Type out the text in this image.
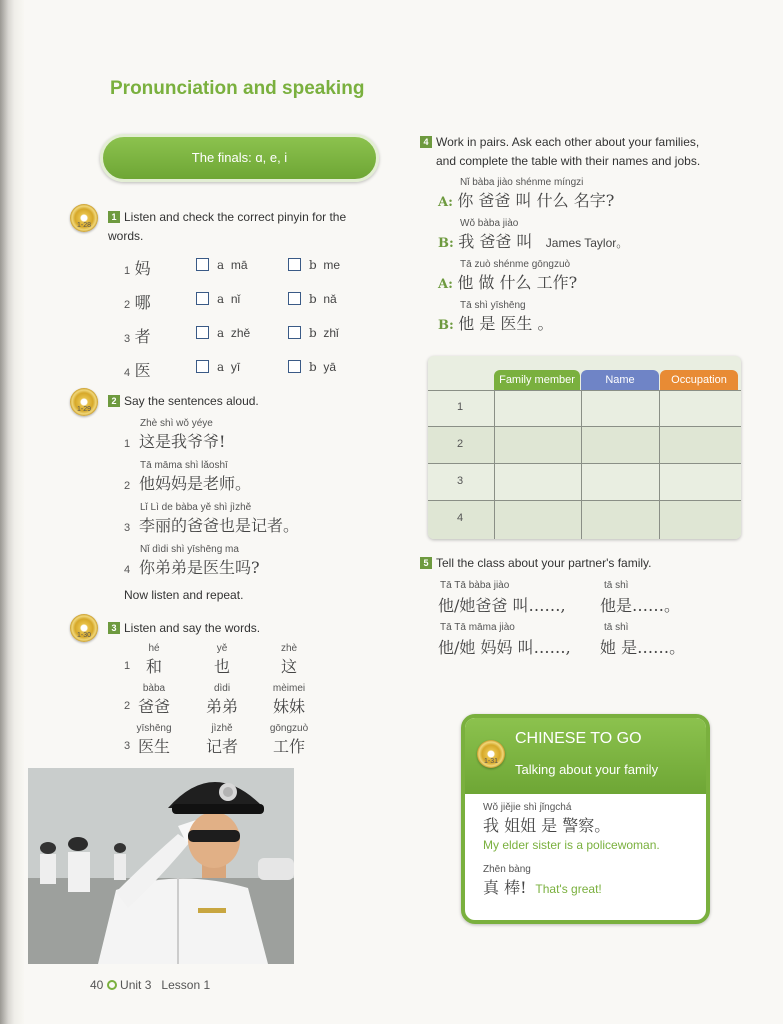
Pronunciation and speaking
The finals: ɑ, e, i
1-28
1 Listen and check the correct pinyin for the words.
1 妈	a mā	b me
2 哪	a nǐ	b nǎ
3 者	a zhě	b zhǐ
4 医	a yī	b yā
1-29
2 Say the sentences aloud.
Zhè shì wǒ yéye
1 这是我爷爷!
Tā māma shì lǎoshī
2 他妈妈是老师。
Lǐ Lì de bàba yě shì jìzhě
3 李丽的爸爸也是记者。
Nǐ dìdi shì yīshēng ma
4 你弟弟是医生吗?
Now listen and repeat.
1-30
3 Listen and say the words.
1
hé
和
yě
也
zhè
这
2
bàba
爸爸
dìdi
弟弟
mèimei
妹妹
3
yīshēng
医生
jìzhě
记者
gōngzuò
工作
4 Work in pairs. Ask each other about your families,
and complete the table with their names and jobs.
Nǐ bàba jiào shénme míngzi
A: 你 爸爸 叫 什么 名字?
Wǒ bàba jiào
B: 我 爸爸 叫 James Taylor。
Tā zuò shénme gōngzuò
A: 他 做 什么 工作?
Tā shì yīshēng
B: 他 是 医生 。
Family member	Name	Occupation
1
2
3
4
5 Tell the class about your partner's family.
Tā Tā bàba jiào
他/她爸爸 叫……,
tā shì
他是……。
Tā Tā māma jiào
他/她 妈妈 叫……,
tā shì
她 是……。
1-31
CHINESE TO GO
Talking about your family
Wǒ jiějie shì jǐngchá
我 姐姐 是 警察。
My elder sister is a policewoman.
Zhēn bàng
真 棒! That's great!
40 Unit 3 Lesson 1
